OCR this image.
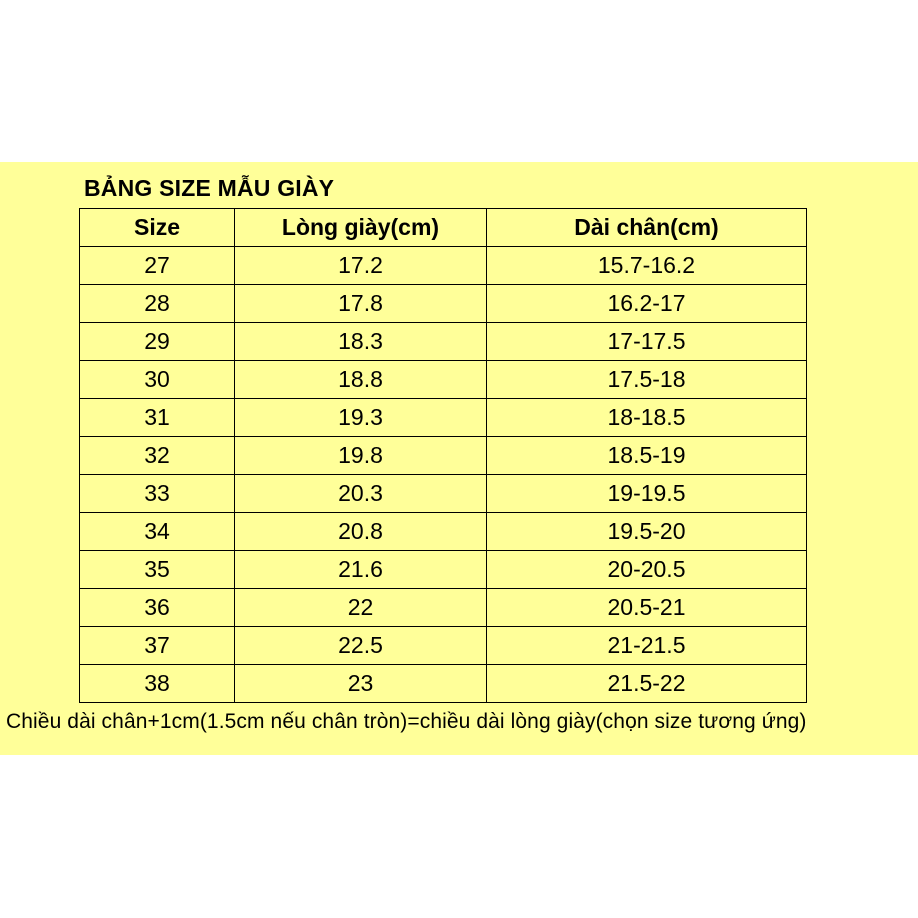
BẢNG SIZE MẪU GIÀY
Size	Lòng giày(cm)	Dài chân(cm)
27	17.2	15.7-16.2
28	17.8	16.2-17
29	18.3	17-17.5
30	18.8	17.5-18
31	19.3	18-18.5
32	19.8	18.5-19
33	20.3	19-19.5
34	20.8	19.5-20
35	21.6	20-20.5
36	22	20.5-21
37	22.5	21-21.5
38	23	21.5-22
Chiều dài chân+1cm(1.5cm nếu chân tròn)=chiều dài lòng giày(chọn size tương ứng)
